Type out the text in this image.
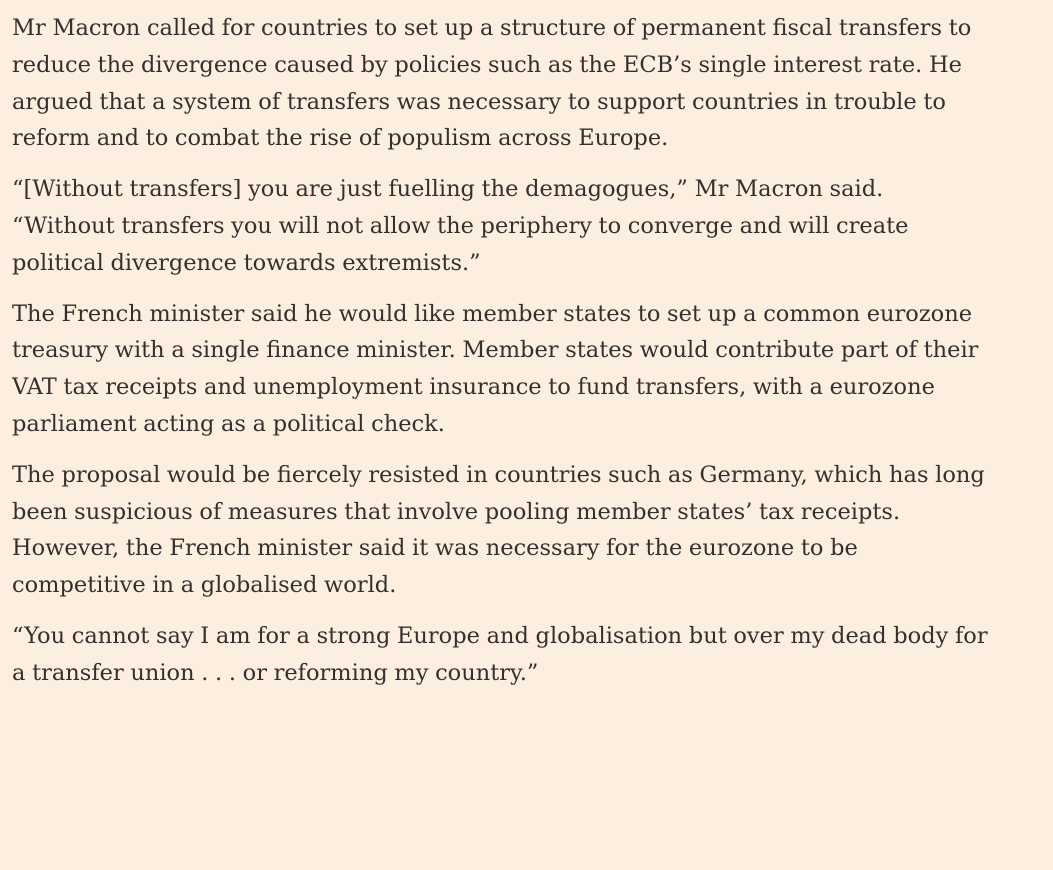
Mr Macron called for countries to set up a structure of permanent fiscal transfers to
reduce the divergence caused by policies such as the ECB’s single interest rate. He
argued that a system of transfers was necessary to support countries in trouble to
reform and to combat the rise of populism across Europe.

“[Without transfers] you are just fuelling the demagogues,” Mr Macron said.
“Without transfers you will not allow the periphery to converge and will create
political divergence towards extremists.”

The French minister said he would like member states to set up a common eurozone
treasury with a single finance minister. Member states would contribute part of their
VAT tax receipts and unemployment insurance to fund transfers, with a eurozone
parliament acting as a political check.

The proposal would be fiercely resisted in countries such as Germany, which has long
been suspicious of measures that involve pooling member states’ tax receipts.
However, the French minister said it was necessary for the eurozone to be
competitive in a globalised world.

“You cannot say I am for a strong Europe and globalisation but over my dead body for
a transfer union . . . or reforming my country.”
